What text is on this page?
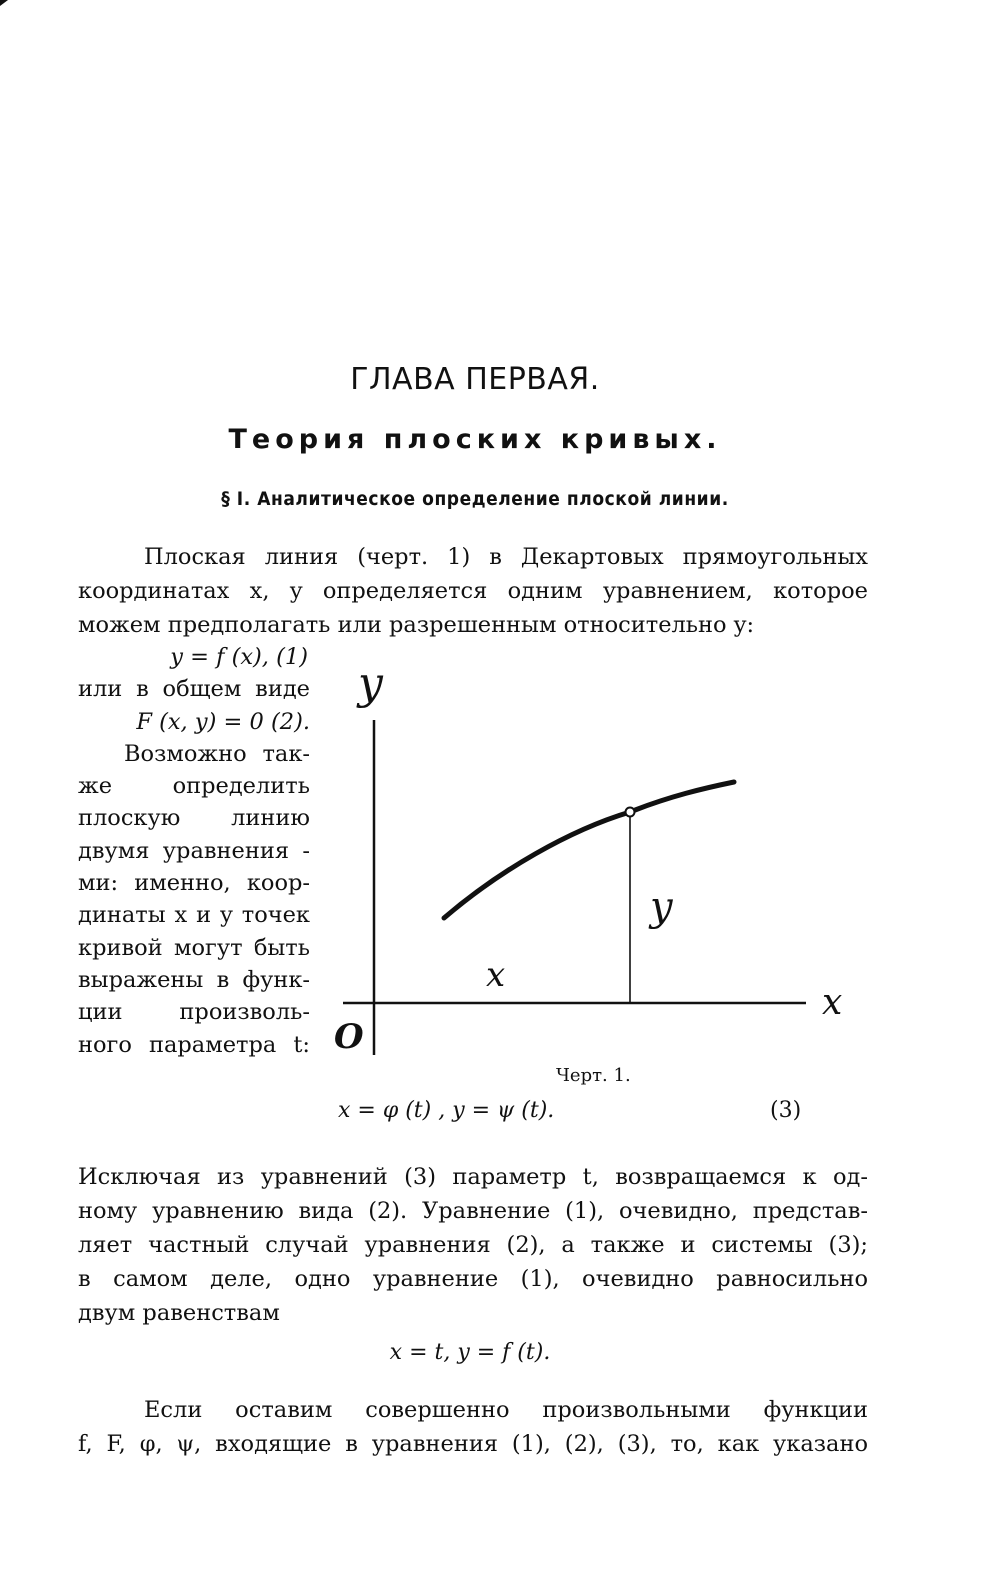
ГЛАВА ПЕРВАЯ.
Теория плоских кривых.
§ I. Аналитическое определение плоской линии.
Плоская линия (черт. 1) в Декартовых прямоугольных
координатах x, y определяется одним уравнением, которое
можем предполагать или разрешенным относительно y:
y = f (x), (1)
или в общем виде
F (x, y) = 0 (2).
Возможно так-
же определить
плоскую линию
двумя уравнения -
ми: именно, коор-
динаты x и y точек
кривой могут быть
выражены в функ-
ции произволь-
ного параметра t:
y
x
O
x
y
Черт. 1.
x = φ (t) , y = ψ (t).	(3)
Исключая из уравнений (3) параметр t, возвращаемся к од-
ному уравнению вида (2). Уравнение (1), очевидно, представ-
ляет частный случай уравнения (2), а также и системы (3);
в самом деле, одно уравнение (1), очевидно равносильно
двум равенствам
x = t, y = f (t).
Если оставим совершенно произвольными функции
f, F, φ, ψ, входящие в уравнения (1), (2), (3), то, как указано
